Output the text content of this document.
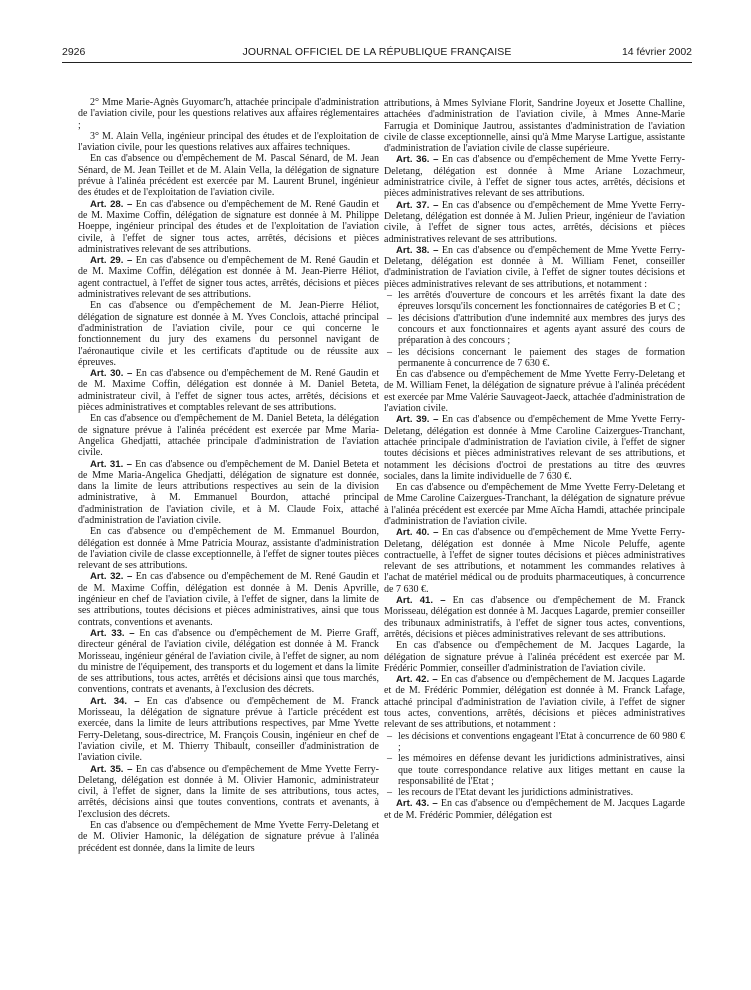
2926	JOURNAL OFFICIEL DE LA RÉPUBLIQUE FRANÇAISE	14 février 2002

2° Mme Marie-Agnès Guyomarc'h, attachée principale d'administration de l'aviation civile, pour les questions relatives aux affaires réglementaires ;

3° M. Alain Vella, ingénieur principal des études et de l'exploitation de l'aviation civile, pour les questions relatives aux affaires techniques.

En cas d'absence ou d'empêchement de M. Pascal Sénard, de M. Jean Sénard, de M. Jean Teillet et de M. Alain Vella, la délégation de signature prévue à l'alinéa précédent est exercée par M. Laurent Brunel, ingénieur des études et de l'exploitation de l'aviation civile.

Art. 28. – En cas d'absence ou d'empêchement de M. René Gaudin et de M. Maxime Coffin, délégation de signature est donnée à M. Philippe Hoeppe, ingénieur principal des études et de l'exploitation de l'aviation civile, à l'effet de signer tous actes, arrêtés, décisions et pièces administratives relevant de ses attributions.

Art. 29. – En cas d'absence ou d'empêchement de M. René Gaudin et de M. Maxime Coffin, délégation est donnée à M. Jean-Pierre Héliot, agent contractuel, à l'effet de signer tous actes, arrêtés, décisions et pièces administratives relevant de ses attributions.

En cas d'absence ou d'empêchement de M. Jean-Pierre Héliot, délégation de signature est donnée à M. Yves Conclois, attaché principal d'administration de l'aviation civile, pour ce qui concerne le fonctionnement du jury des examens du personnel navigant de l'aéronautique civile et les certificats d'aptitude ou de réussite aux épreuves.

Art. 30. – En cas d'absence ou d'empêchement de M. René Gaudin et de M. Maxime Coffin, délégation est donnée à M. Daniel Beteta, administrateur civil, à l'effet de signer tous actes, arrêtés, décisions et pièces administratives et comptables relevant de ses attributions.

En cas d'absence ou d'empêchement de M. Daniel Beteta, la délégation de signature prévue à l'alinéa précédent est exercée par Mme Maria-Angelica Ghedjatti, attachée principale d'administration de l'aviation civile.

Art. 31. – En cas d'absence ou d'empêchement de M. Daniel Beteta et de Mme Maria-Angelica Ghedjatti, délégation de signature est donnée, dans la limite de leurs attributions respectives au sein de la division administrative, à M. Emmanuel Bourdon, attaché principal d'administration de l'aviation civile, et à M. Claude Foix, attaché d'administration de l'aviation civile.

En cas d'absence ou d'empêchement de M. Emmanuel Bourdon, délégation est donnée à Mme Patricia Mouraz, assistante d'administration de l'aviation civile de classe exceptionnelle, à l'effet de signer toutes pièces relevant de ses attributions.

Art. 32. – En cas d'absence ou d'empêchement de M. René Gaudin et de M. Maxime Coffin, délégation est donnée à M. Denis Apvrille, ingénieur en chef de l'aviation civile, à l'effet de signer, dans la limite de ses attributions, toutes décisions et pièces administratives, ainsi que tous contrats, conventions et avenants.

Art. 33. – En cas d'absence ou d'empêchement de M. Pierre Graff, directeur général de l'aviation civile, délégation est donnée à M. Franck Morisseau, ingénieur général de l'aviation civile, à l'effet de signer, au nom du ministre de l'équipement, des transports et du logement et dans la limite de ses attributions, tous actes, arrêtés et décisions ainsi que tous marchés, conventions, contrats et avenants, à l'exclusion des décrets.

Art. 34. – En cas d'absence ou d'empêchement de M. Franck Morisseau, la délégation de signature prévue à l'article précédent est exercée, dans la limite de leurs attributions respectives, par Mme Yvette Ferry-Deletang, sous-directrice, M. François Cousin, ingénieur en chef de l'aviation civile, et M. Thierry Thibault, conseiller d'administration de l'aviation civile.

Art. 35. – En cas d'absence ou d'empêchement de Mme Yvette Ferry-Deletang, délégation est donnée à M. Olivier Hamonic, administrateur civil, à l'effet de signer, dans la limite de ses attributions, tous actes, arrêtés, décisions ainsi que toutes conventions, contrats et avenants, à l'exclusion des décrets.

En cas d'absence ou d'empêchement de Mme Yvette Ferry-Deletang et de M. Olivier Hamonic, la délégation de signature prévue à l'alinéa précédent est donnée, dans la limite de leurs

attributions, à Mmes Sylviane Florit, Sandrine Joyeux et Josette Challine, attachées d'administration de l'aviation civile, à Mmes Anne-Marie Farrugia et Dominique Jautrou, assistantes d'administration de l'aviation civile de classe exceptionnelle, ainsi qu'à Mme Maryse Lartigue, assistante d'administration de l'aviation civile de classe supérieure.

Art. 36. – En cas d'absence ou d'empêchement de Mme Yvette Ferry-Deletang, délégation est donnée à Mme Ariane Lozachmeur, administratrice civile, à l'effet de signer tous actes, arrêtés, décisions et pièces administratives relevant de ses attributions.

Art. 37. – En cas d'absence ou d'empêchement de Mme Yvette Ferry-Deletang, délégation est donnée à M. Julien Prieur, ingénieur de l'aviation civile, à l'effet de signer tous actes, arrêtés, décisions et pièces administratives relevant de ses attributions.

Art. 38. – En cas d'absence ou d'empêchement de Mme Yvette Ferry-Deletang, délégation est donnée à M. William Fenet, conseiller d'administration de l'aviation civile, à l'effet de signer toutes décisions et pièces administratives relevant de ses attributions, et notamment :

– les arrêtés d'ouverture de concours et les arrêtés fixant la date des épreuves lorsqu'ils concernent les fonctionnaires de catégories B et C ;
– les décisions d'attribution d'une indemnité aux membres des jurys des concours et aux fonctionnaires et agents ayant assuré des cours de préparation à des concours ;
– les décisions concernant le paiement des stages de formation permanente à concurrence de 7 630 €.

En cas d'absence ou d'empêchement de Mme Yvette Ferry-Deletang et de M. William Fenet, la délégation de signature prévue à l'alinéa précédent est exercée par Mme Valérie Sauvageot-Jaeck, attachée d'administration de l'aviation civile.

Art. 39. – En cas d'absence ou d'empêchement de Mme Yvette Ferry-Deletang, délégation est donnée à Mme Caroline Caizergues-Tranchant, attachée principale d'administration de l'aviation civile, à l'effet de signer toutes décisions et pièces administratives relevant de ses attributions, et notamment les décisions d'octroi de prestations au titre des œuvres sociales, dans la limite individuelle de 7 630 €.

En cas d'absence ou d'empêchement de Mme Yvette Ferry-Deletang et de Mme Caroline Caizergues-Tranchant, la délégation de signature prévue à l'alinéa précédent est exercée par Mme Aïcha Hamdi, attachée principale d'administration de l'aviation civile.

Art. 40. – En cas d'absence ou d'empêchement de Mme Yvette Ferry-Deletang, délégation est donnée à Mme Nicole Peluffe, agente contractuelle, à l'effet de signer toutes décisions et pièces administratives relevant de ses attributions, et notamment les commandes relatives à l'achat de matériel médical ou de produits pharmaceutiques, à concurrence de 7 630 €.

Art. 41. – En cas d'absence ou d'empêchement de M. Franck Morisseau, délégation est donnée à M. Jacques Lagarde, premier conseiller des tribunaux administratifs, à l'effet de signer tous actes, conventions, arrêtés, décisions et pièces administratives relevant de ses attributions.

En cas d'absence ou d'empêchement de M. Jacques Lagarde, la délégation de signature prévue à l'alinéa précédent est exercée par M. Frédéric Pommier, conseiller d'administration de l'aviation civile.

Art. 42. – En cas d'absence ou d'empêchement de M. Jacques Lagarde et de M. Frédéric Pommier, délégation est donnée à M. Franck Lafage, attaché principal d'administration de l'aviation civile, à l'effet de signer tous actes, conventions, arrêtés, décisions et pièces administratives relevant de ses attributions, et notamment :

– les décisions et conventions engageant l'Etat à concurrence de 60 980 € ;
– les mémoires en défense devant les juridictions administratives, ainsi que toute correspondance relative aux litiges mettant en cause la responsabilité de l'Etat ;
– les recours de l'Etat devant les juridictions administratives.

Art. 43. – En cas d'absence ou d'empêchement de M. Jacques Lagarde et de M. Frédéric Pommier, délégation est
